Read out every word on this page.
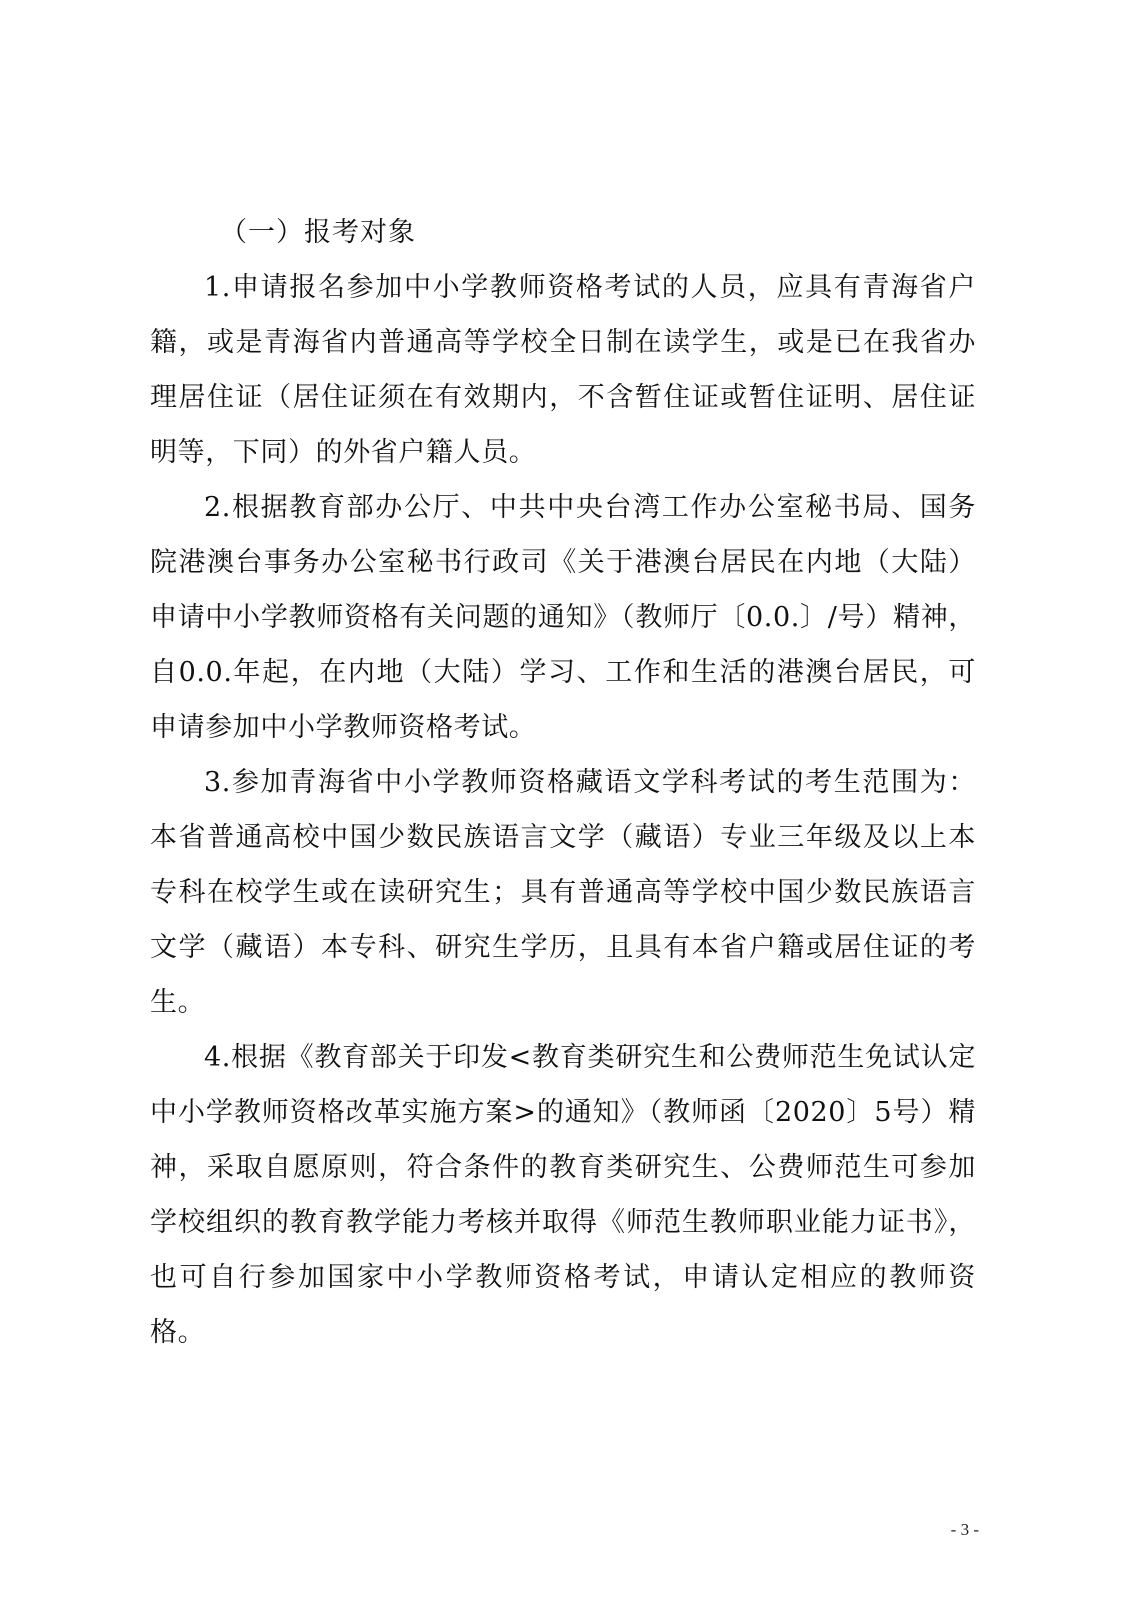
（一）报考对象

1.申请报名参加中小学教师资格考试的人员，应具有青海省户籍，或是青海省内普通高等学校全日制在读学生，或是已在我省办理居住证（居住证须在有效期内，不含暂住证或暂住证明、居住证明等，下同）的外省户籍人员。

2.根据教育部办公厅、中共中央台湾工作办公室秘书局、国务院港澳台事务办公室秘书行政司《关于港澳台居民在内地（大陆）申请中小学教师资格有关问题的通知》（教师厅〔0.0.〕/号）精神，自0.0.年起，在内地（大陆）学习、工作和生活的港澳台居民，可申请参加中小学教师资格考试。

3.参加青海省中小学教师资格藏语文学科考试的考生范围为：本省普通高校中国少数民族语言文学（藏语）专业三年级及以上本专科在校学生或在读研究生；具有普通高等学校中国少数民族语言文学（藏语）本专科、研究生学历，且具有本省户籍或居住证的考生。

4.根据《教育部关于印发<教育类研究生和公费师范生免试认定中小学教师资格改革实施方案>的通知》（教师函〔2020〕5号）精神，采取自愿原则，符合条件的教育类研究生、公费师范生可参加学校组织的教育教学能力考核并取得《师范生教师职业能力证书》，也可自行参加国家中小学教师资格考试，申请认定相应的教师资格。

- 3 -
